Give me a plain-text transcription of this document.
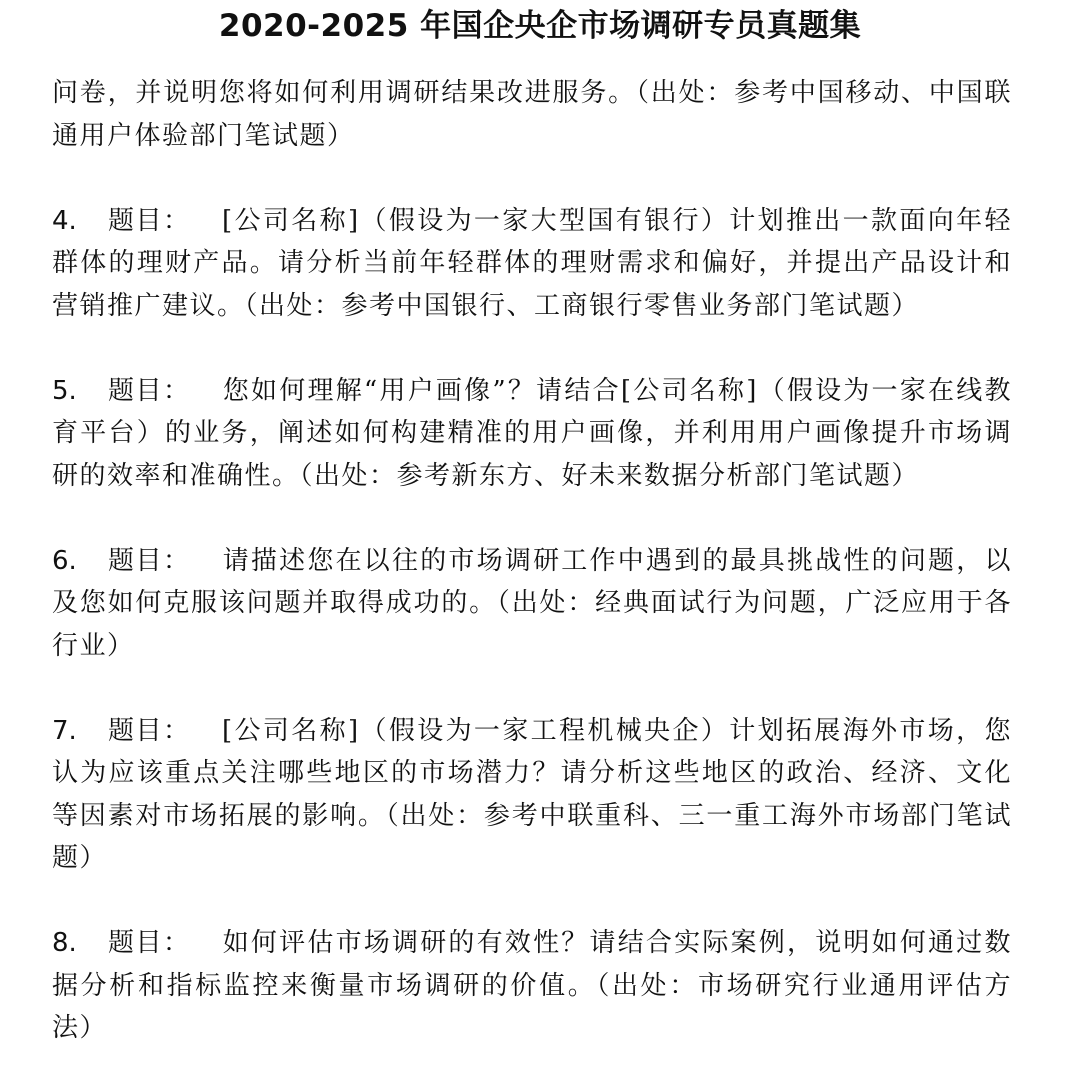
2020-2025 年国企央企市场调研专员真题集

问卷，并说明您将如何利用调研结果改进服务。（出处：参考中国移动、中国联通用户体验部门笔试题）

4. 题目： [公司名称]（假设为一家大型国有银行）计划推出一款面向年轻群体的理财产品。请分析当前年轻群体的理财需求和偏好，并提出产品设计和营销推广建议。（出处：参考中国银行、工商银行零售业务部门笔试题）

5. 题目： 您如何理解“用户画像”？请结合[公司名称]（假设为一家在线教育平台）的业务，阐述如何构建精准的用户画像，并利用用户画像提升市场调研的效率和准确性。（出处：参考新东方、好未来数据分析部门笔试题）

6. 题目： 请描述您在以往的市场调研工作中遇到的最具挑战性的问题，以及您如何克服该问题并取得成功的。（出处：经典面试行为问题，广泛应用于各行业）

7. 题目： [公司名称]（假设为一家工程机械央企）计划拓展海外市场，您认为应该重点关注哪些地区的市场潜力？请分析这些地区的政治、经济、文化等因素对市场拓展的影响。（出处：参考中联重科、三一重工海外市场部门笔试题）

8. 题目： 如何评估市场调研的有效性？请结合实际案例，说明如何通过数据分析和指标监控来衡量市场调研的价值。（出处：市场研究行业通用评估方法）
